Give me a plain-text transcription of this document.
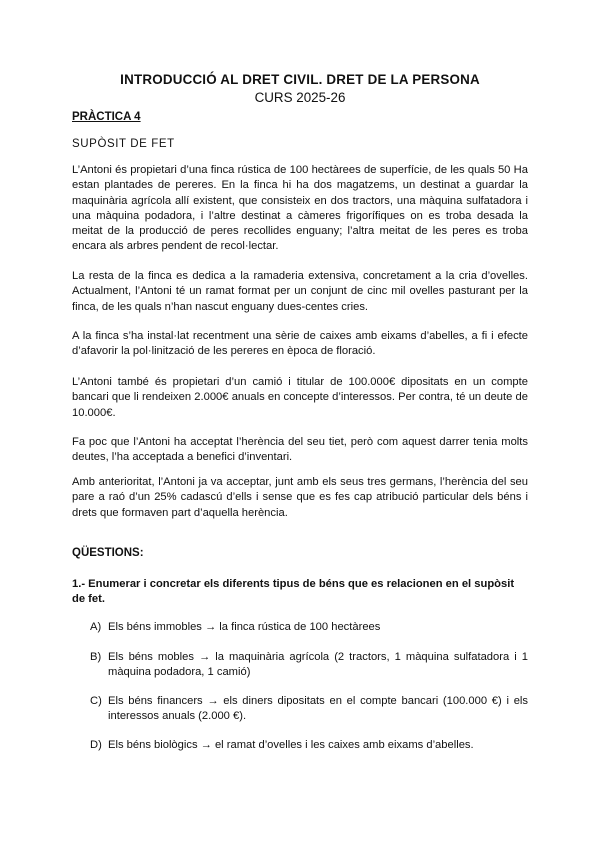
INTRODUCCIÓ AL DRET CIVIL. DRET DE LA PERSONA
CURS 2025-26
PRÀCTICA 4
SUPÒSIT DE FET

L’Antoni és propietari d’una finca rústica de 100 hectàrees de superfície, de les quals 50 Ha estan plantades de pereres. En la finca hi ha dos magatzems, un destinat a guardar la maquinària agrícola allí existent, que consisteix en dos tractors, una màquina sulfatadora i una màquina podadora, i l’altre destinat a càmeres frigorífiques on es troba desada la meitat de la producció de peres recollides enguany; l’altra meitat de les peres es troba encara als arbres pendent de recol·lectar.

La resta de la finca es dedica a la ramaderia extensiva, concretament a la cria d’ovelles. Actualment, l’Antoni té un ramat format per un conjunt de cinc mil ovelles pasturant per la finca, de les quals n’han nascut enguany dues-centes cries.

A la finca s’ha instal·lat recentment una sèrie de caixes amb eixams d’abelles, a fi i efecte d’afavorir la pol·linització de les pereres en època de floració.

L’Antoni també és propietari d’un camió i titular de 100.000€ dipositats en un compte bancari que li rendeixen 2.000€ anuals en concepte d’interessos. Per contra, té un deute de 10.000€.

Fa poc que l’Antoni ha acceptat l’herència del seu tiet, però com aquest darrer tenia molts deutes, l’ha acceptada a benefici d’inventari.

Amb anterioritat, l’Antoni ja va acceptar, junt amb els seus tres germans, l’herència del seu pare a raó d’un 25% cadascú d’ells i sense que es fes cap atribució particular dels béns i drets que formaven part d’aquella herència.

QÜESTIONS:

1.- Enumerar i concretar els diferents tipus de béns que es relacionen en el supòsit de fet.

A) Els béns immobles → la finca rústica de 100 hectàrees
B) Els béns mobles → la maquinària agrícola (2 tractors, 1 màquina sulfatadora i 1 màquina podadora, 1 camió)
C) Els béns financers → els diners dipositats en el compte bancari (100.000 €) i els interessos anuals (2.000 €).
D) Els béns biològics → el ramat d’ovelles i les caixes amb eixams d’abelles.
